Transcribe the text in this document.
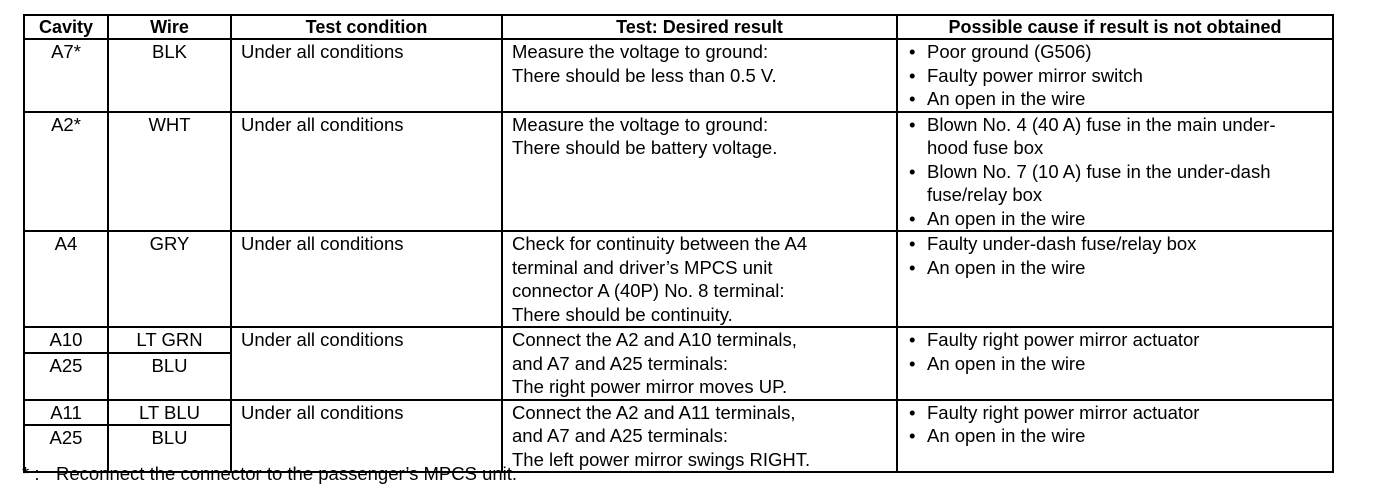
Cavity	Wire	Test condition	Test: Desired result	Possible cause if result is not obtained
A7*	BLK	Under all conditions	Measure the voltage to ground:
There should be less than 0.5 V.	• Poor ground (G506)
• Faulty power mirror switch
• An open in the wire

A2*	WHT	Under all conditions	Measure the voltage to ground:
There should be battery voltage.	• Blown No. 4 (40 A) fuse in the main under-
hood fuse box
• Blown No. 7 (10 A) fuse in the under-dash
fuse/relay box
• An open in the wire

A4	GRY	Under all conditions	Check for continuity between the A4
terminal and driver’s MPCS unit
connector A (40P) No. 8 terminal:
There should be continuity.	• Faulty under-dash fuse/relay box
• An open in the wire

A10	LT GRN	Under all conditions	Connect the A2 and A10 terminals,
and A7 and A25 terminals:
The right power mirror moves UP.	• Faulty right power mirror actuator
• An open in the wire

A25	BLU			
A11	LT BLU	Under all conditions	Connect the A2 and A11 terminals,
and A7 and A25 terminals:
The left power mirror swings RIGHT.	• Faulty right power mirror actuator
• An open in the wire

A25	BLU			
* : Reconnect the connector to the passenger’s MPCS unit.
